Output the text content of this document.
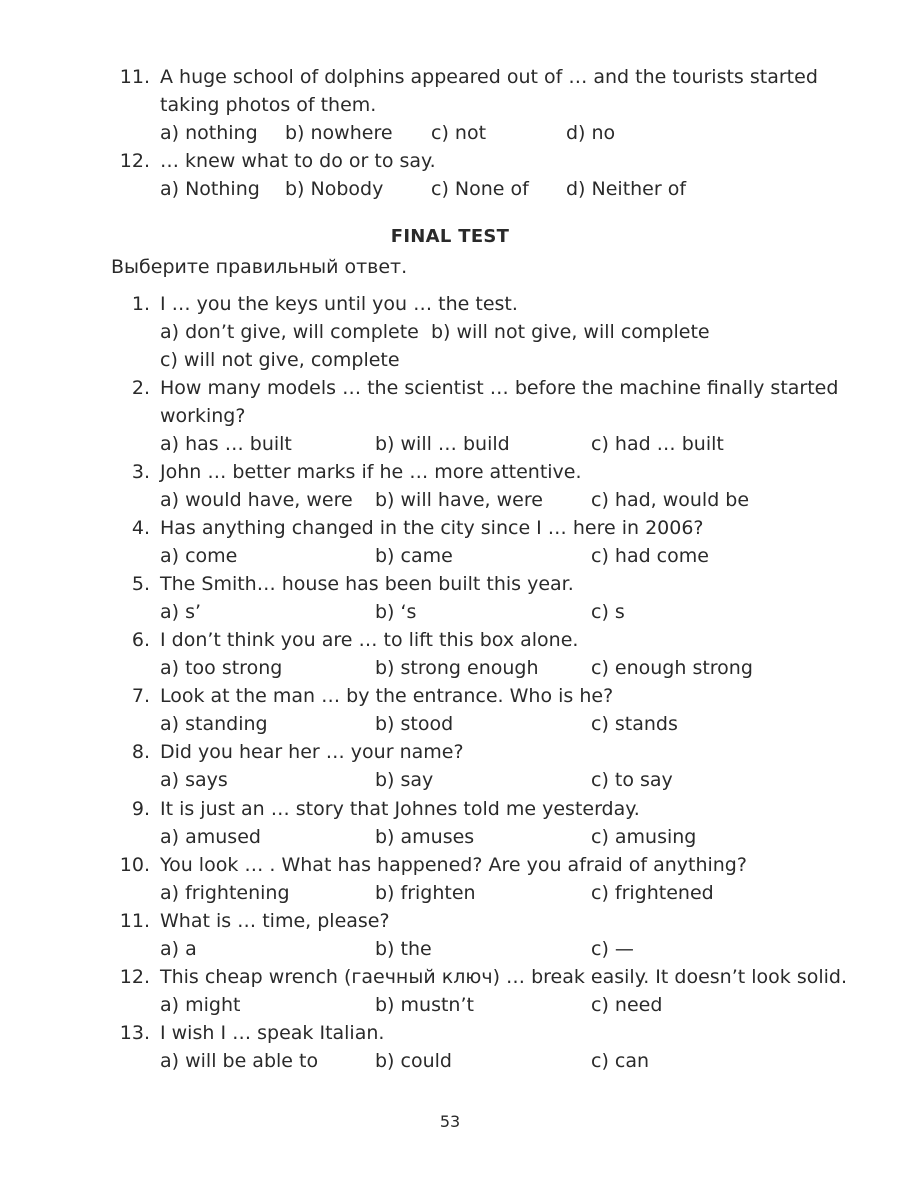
11. A huge school of dolphins appeared out of … and the tourists started
taking photos of them.
a) nothing b) nowhere c) not	d) no
12. … knew what to do or to say.
a) Nothing b) Nobody	c) None of d) Neither of
FINAL TEST
Выберите правильный ответ.
1. I … you the keys until you … the test.
a) don’t give, will complete b) will not give, will complete
c) will not give, complete
2. How many models … the scientist … before the machine finally started
working?
a) has … built	b) will … build	c) had … built
3. John … better marks if he … more attentive.
a) would have, were b) will have, were	c) had, would be
4. Has anything changed in the city since I … here in 2006?
a) come	b) came	c) had come
5. The Smith… house has been built this year.
a) s’	b) ‘s	c) s
6. I don’t think you are … to lift this box alone.
a) too strong	b) strong enough	c) enough strong
7. Look at the man … by the entrance. Who is he?
a) standing	b) stood	c) stands
8. Did you hear her … your name?
a) says	b) say	c) to say
9. It is just an … story that Johnes told me yesterday.
a) amused	b) amuses	c) amusing
10. You look … . What has happened? Are you afraid of anything?
a) frightening	b) frighten	c) frightened
11. What is … time, please?
a) a	b) the	c) —
12. This cheap wrench (гаечный ключ) … break easily. It doesn’t look solid.
a) might	b) mustn’t	c) need
13. I wish I … speak Italian.
a) will be able to	b) could	c) can
53
